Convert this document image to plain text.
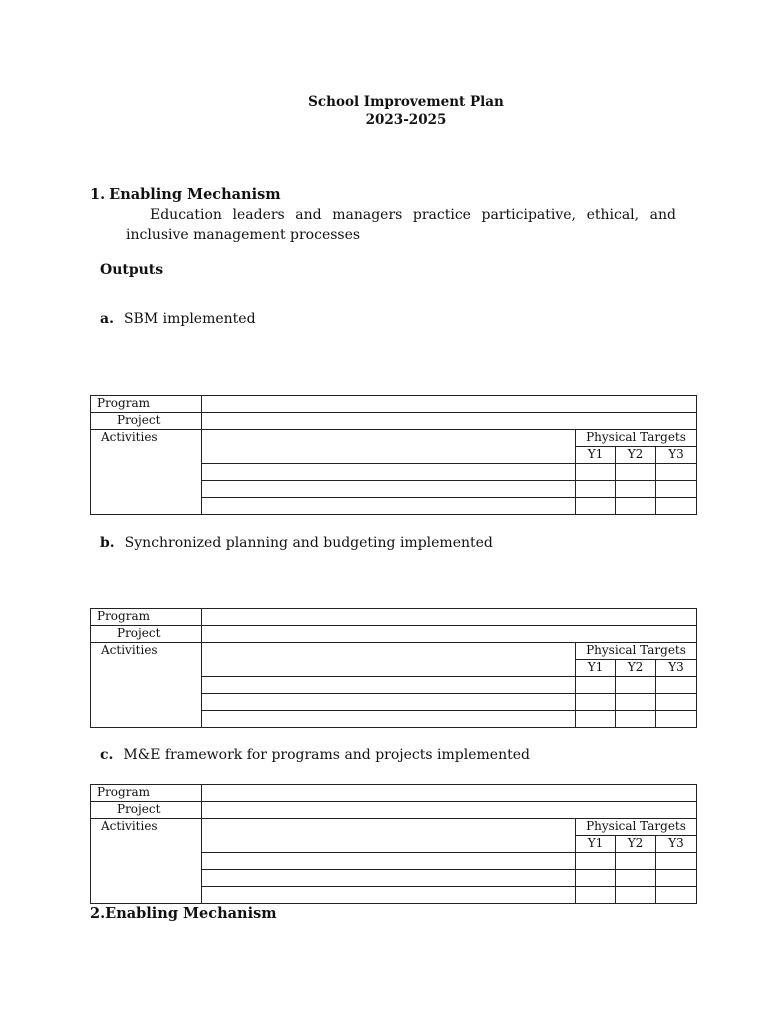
School Improvement Plan
2023-2025
1. Enabling Mechanism
Education leaders and managers practice participative, ethical, and inclusive management processes
Outputs
a. SBM implemented
Program				
Project				
Activities		Physical Targets		
		Y1	Y2	Y3

b. Synchronized planning and budgeting implemented
Program				
Project				
Activities		Physical Targets		
		Y1	Y2	Y3

c. M&E framework for programs and projects implemented
Program				
Project				
Activities		Physical Targets		
		Y1	Y2	Y3

2.Enabling Mechanism
